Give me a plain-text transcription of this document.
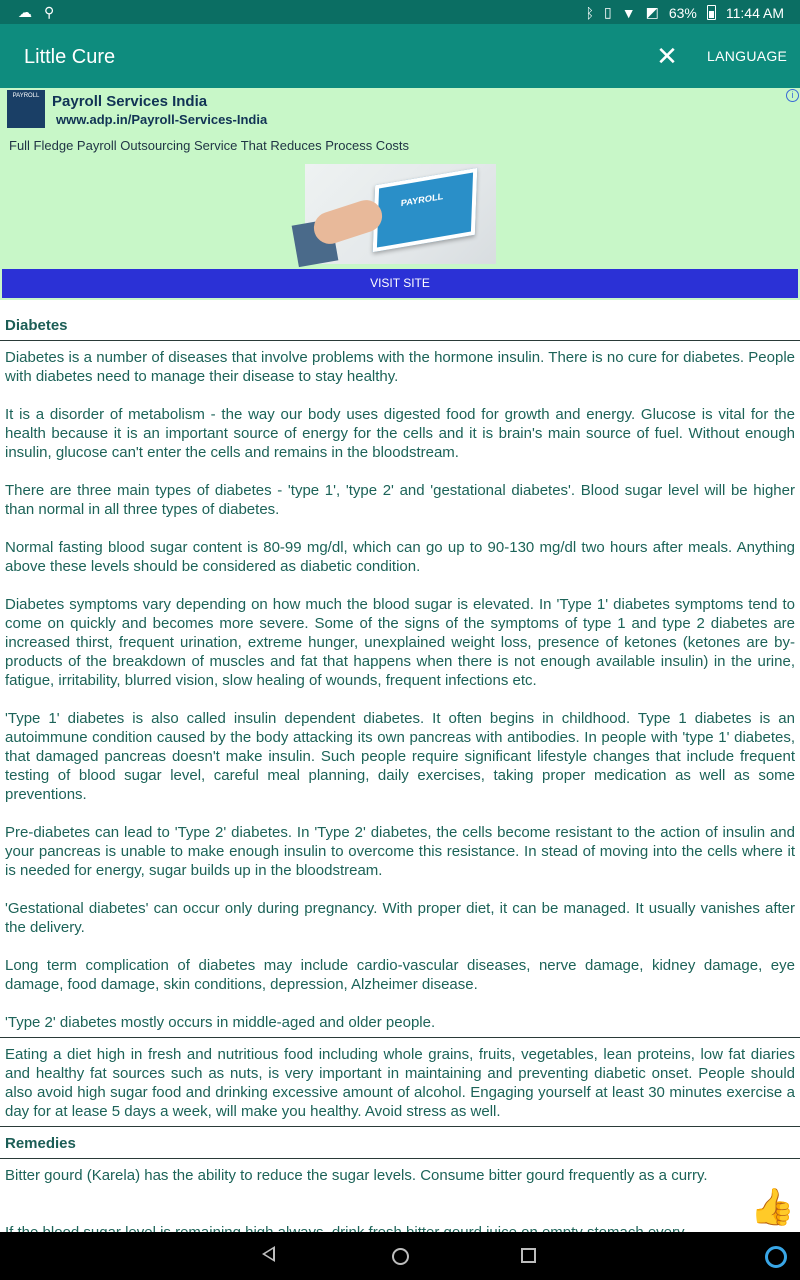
☁ ⚲	ᛒ ▯ ▼ ◩ 63% 11:44 AM
Little Cure	✕ LANGUAGE
PAYROLL Payroll Services India
www.adp.in/Payroll-Services-India
i
Full Fledge Payroll Outsourcing Service That Reduces Process Costs
PAYROLL
VISIT SITE
Diabetes
Diabetes is a number of diseases that involve problems with the hormone insulin. There is no cure for diabetes. People with diabetes need to manage their disease to stay healthy.
It is a disorder of metabolism - the way our body uses digested food for growth and energy. Glucose is vital for the health because it is an important source of energy for the cells and it is brain's main source of fuel. Without enough insulin, glucose can't enter the cells and remains in the bloodstream.
There are three main types of diabetes - 'type 1', 'type 2' and 'gestational diabetes'. Blood sugar level will be higher than normal in all three types of diabetes.
Normal fasting blood sugar content is 80-99 mg/dl, which can go up to 90-130 mg/dl two hours after meals. Anything above these levels should be considered as diabetic condition.
Diabetes symptoms vary depending on how much the blood sugar is elevated. In 'Type 1' diabetes symptoms tend to come on quickly and becomes more severe. Some of the signs of the symptoms of type 1 and type 2 diabetes are increased thirst, frequent urination, extreme hunger, unexplained weight loss, presence of ketones (ketones are by-products of the breakdown of muscles and fat that happens when there is not enough available insulin) in the urine, fatigue, irritability, blurred vision, slow healing of wounds, frequent infections etc.
'Type 1' diabetes is also called insulin dependent diabetes. It often begins in childhood. Type 1 diabetes is an autoimmune condition caused by the body attacking its own pancreas with antibodies. In people with 'type 1' diabetes, that damaged pancreas doesn't make insulin. Such people require significant lifestyle changes that include frequent testing of blood sugar level, careful meal planning, daily exercises, taking proper medication as well as some preventions.
Pre-diabetes can lead to 'Type 2' diabetes. In 'Type 2' diabetes, the cells become resistant to the action of insulin and your pancreas is unable to make enough insulin to overcome this resistance. In stead of moving into the cells where it is needed for energy, sugar builds up in the bloodstream.
'Gestational diabetes' can occur only during pregnancy. With proper diet, it can be managed. It usually vanishes after the delivery.
Long term complication of diabetes may include cardio-vascular diseases, nerve damage, kidney damage, eye damage, food damage, skin conditions, depression, Alzheimer disease.
'Type 2' diabetes mostly occurs in middle-aged and older people.
Eating a diet high in fresh and nutritious food including whole grains, fruits, vegetables, lean proteins, low fat diaries and healthy fat sources such as nuts, is very important in maintaining and preventing diabetic onset. People should also avoid high sugar food and drinking excessive amount of alcohol. Engaging yourself at least 30 minutes exercise a day for at lease 5 days a week, will make you healthy. Avoid stress as well.
Remedies
Bitter gourd (Karela) has the ability to reduce the sugar levels. Consume bitter gourd frequently as a curry.
👍
